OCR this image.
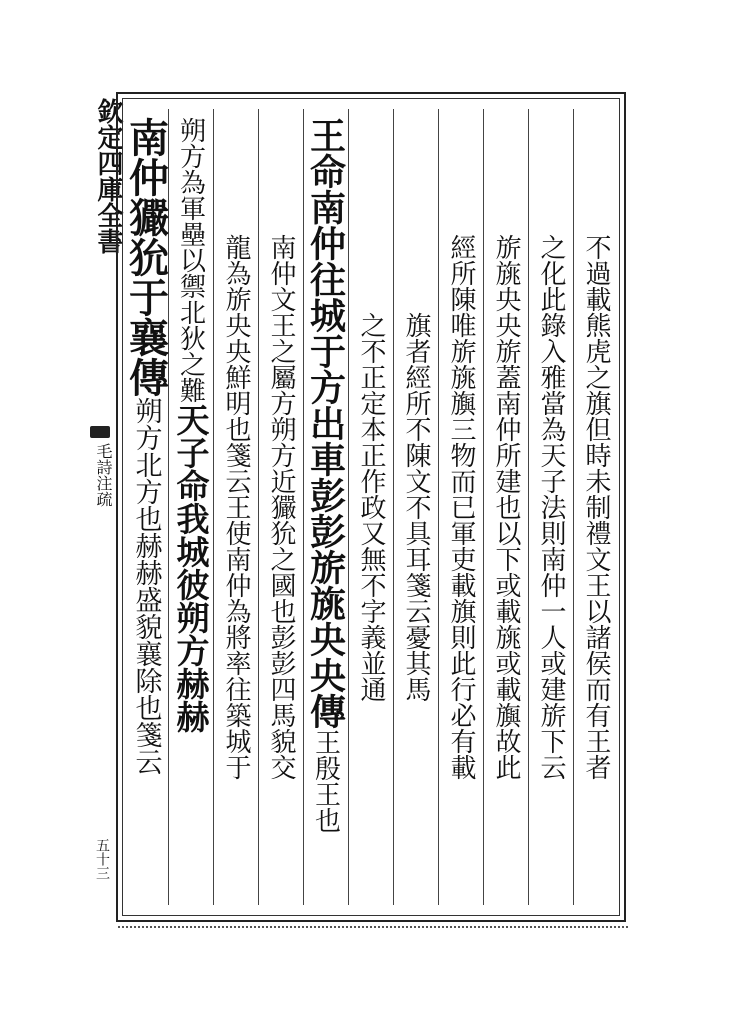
欽定四庫全書
毛詩注疏
五十三
不過載熊虎之旗但時未制禮文王以諸侯而有王者
之化此錄入雅當為天子法則南仲一人或建旂下云
旂旐央央旂蓋南仲所建也以下或載旐或載旟故此
經所陳唯旂旐旟三物而已軍吏載旗則此行必有載
旗者經所不陳文不具耳箋云憂其馬
之不正定本正作政又無不字義並通
王命南仲往城于方出車彭彭旂旐央央傳
王殷王也
南仲文王之屬方朔方近玁狁之國也彭彭四馬貌交
龍為旂央央鮮明也箋云王使南仲為將率往築城于
朔方為軍壘以禦北狄之難
天子命我城彼朔方赫赫
南仲玁狁于襄傳
朔方北方也赫赫盛貌襄除也箋云
